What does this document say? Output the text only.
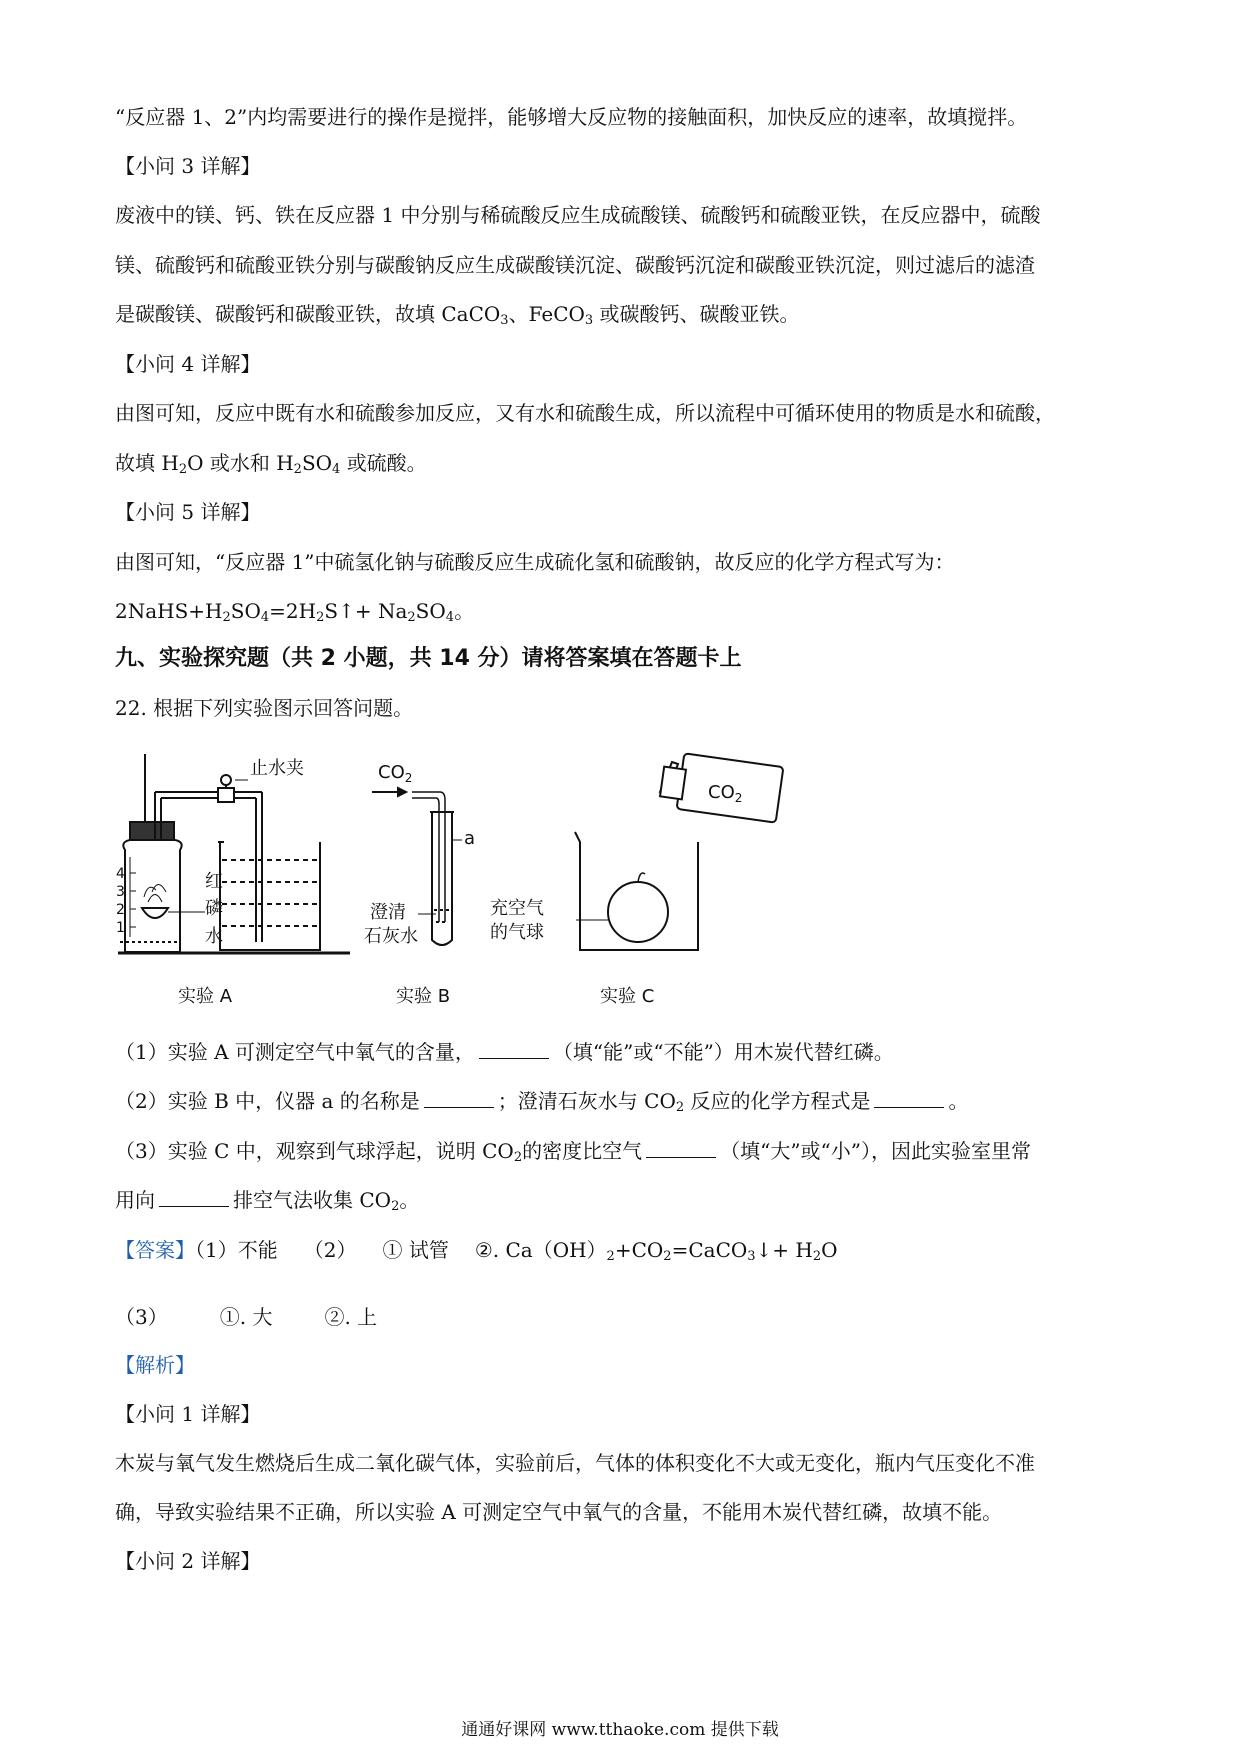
“反应器 1、2”内均需要进行的操作是搅拌，能够增大反应物的接触面积，加快反应的速率，故填搅拌。
【小问 3 详解】
废液中的镁、钙、铁在反应器 1 中分别与稀硫酸反应生成硫酸镁、硫酸钙和硫酸亚铁，在反应器中，硫酸
镁、硫酸钙和硫酸亚铁分别与碳酸钠反应生成碳酸镁沉淀、碳酸钙沉淀和碳酸亚铁沉淀，则过滤后的滤渣
是碳酸镁、碳酸钙和碳酸亚铁，故填 CaCO$_3$、FeCO$_3$ 或碳酸钙、碳酸亚铁。
【小问 4 详解】
由图可知，反应中既有水和硫酸参加反应，又有水和硫酸生成，所以流程中可循环使用的物质是水和硫酸，
故填 $H_2O$ 或水和 $H_2SO_4$ 或硫酸。
【小问 5 详解】
由图可知，“反应器 1”中硫氢化钠与硫酸反应生成硫化氢和硫酸钠，故反应的化学方程式写为：
$2NaHS+H_2SO_4=2H_2S↑+ Na_2SO_4$。
九、实验探究题（共 2 小题，共 14 分）请将答案填在答题卡上
22. 根据下列实验图示回答问题。
止水夹
红
磷
水
4
3
2
1
$CO_2$
a
澄清
石灰水
$CO_2$
充空气
的气球
实验 A	实验 B	实验 C
（1）实验 A 可测定空气中氧气的含量，	（填“能”或“不能”）用木炭代替红磷。
（2）实验 B 中，仪器 a 的名称是	；澄清石灰水与 $CO_2$ 反应的化学方程式是	。
（3）实验 C 中，观察到气球浮起，说明 $CO_2$的密度比空气	（填“大”或“小”），因此实验室里常
用向	排空气法收集 $CO_2$。
【答案】（1）不能 （2） ① 试管 ②. $Ca(OH)_2+CO_2=CaCO_3↓+ H_2O$
（3）	①. 大	②. 上
【解析】
【小问 1 详解】
木炭与氧气发生燃烧后生成二氧化碳气体，实验前后，气体的体积变化不大或无变化，瓶内气压变化不准
确，导致实验结果不正确，所以实验 A 可测定空气中氧气的含量，不能用木炭代替红磷，故填不能。
【小问 2 详解】
通通好课网 www.tthaoke.com 提供下载
